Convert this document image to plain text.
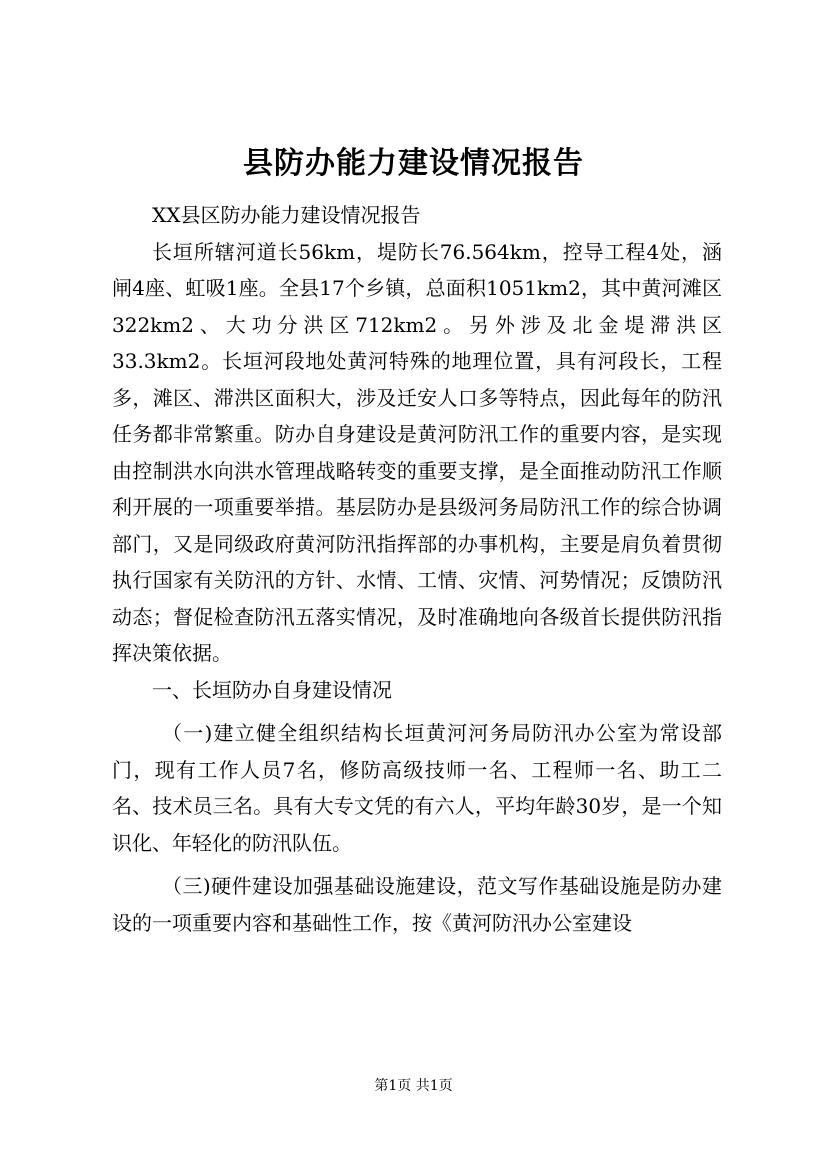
县防办能力建设情况报告

XX县区防办能力建设情况报告

长垣所辖河道长56km，堤防长76.564km，控导工程4处，涵闸4座、虹吸1座。全县17个乡镇，总面积1051km2，其中黄河滩区322km2、大功分洪区712km2。另外涉及北金堤滞洪区33.3km2。长垣河段地处黄河特殊的地理位置，具有河段长，工程多，滩区、滞洪区面积大，涉及迁安人口多等特点，因此每年的防汛任务都非常繁重。防办自身建设是黄河防汛工作的重要内容，是实现由控制洪水向洪水管理战略转变的重要支撑，是全面推动防汛工作顺利开展的一项重要举措。基层防办是县级河务局防汛工作的综合协调部门，又是同级政府黄河防汛指挥部的办事机构，主要是肩负着贯彻执行国家有关防汛的方针、水情、工情、灾情、河势情况；反馈防汛动态；督促检查防汛五落实情况，及时准确地向各级首长提供防汛指挥决策依据。

一、长垣防办自身建设情况

（一)建立健全组织结构长垣黄河河务局防汛办公室为常设部门，现有工作人员7名，修防高级技师一名、工程师一名、助工二名、技术员三名。具有大专文凭的有六人，平均年龄30岁，是一个知识化、年轻化的防汛队伍。

（三)硬件建设加强基础设施建设，范文写作基础设施是防办建设的一项重要内容和基础性工作，按《黄河防汛办公室建设

第1页 共1页
